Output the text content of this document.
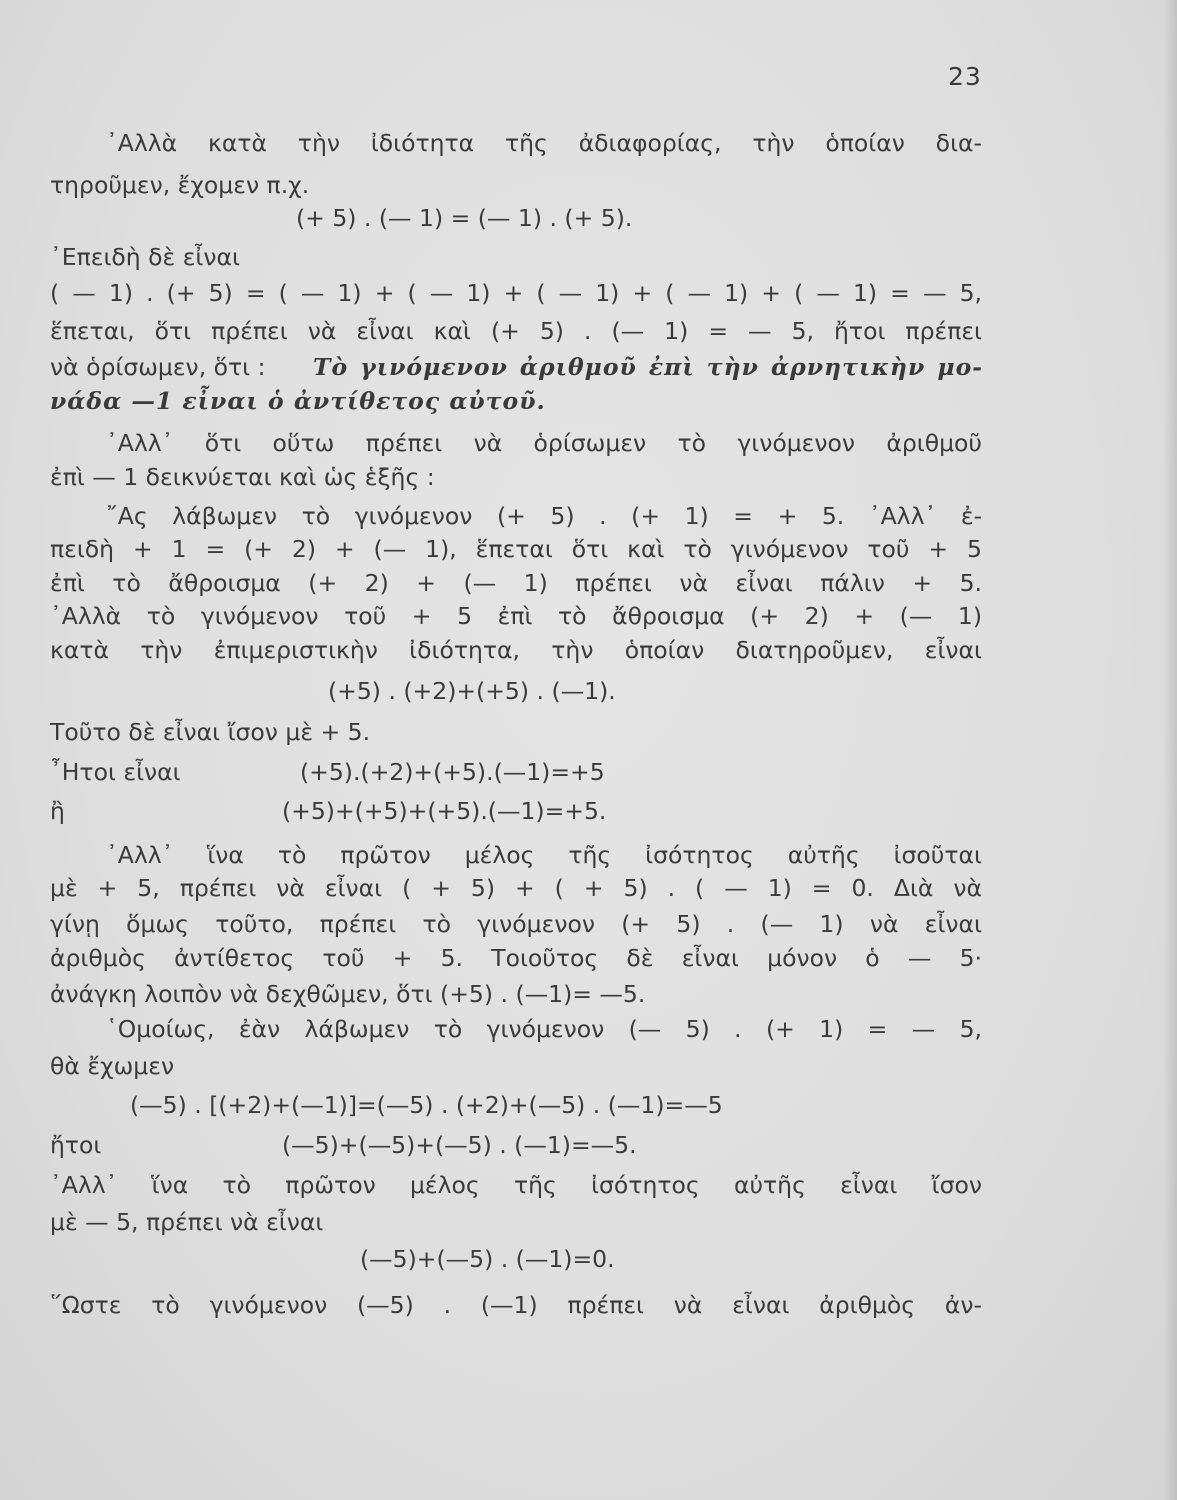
23
᾿Αλλὰ κατὰ τὴν ἰδιότητα τῆς ἀδιαφορίας, τὴν ὁποίαν δια-
τηροῦμεν, ἔχομεν π.χ.
(+ 5) . (— 1) = (— 1) . (+ 5).
᾿Επειδὴ δὲ εἶναι
( — 1) . (+ 5) = ( — 1) + ( — 1) + ( — 1) + ( — 1) + ( — 1) = — 5,
ἕπεται, ὅτι πρέπει νὰ εἶναι καὶ (+ 5) . (— 1) = — 5, ἤτοι πρέπει
νὰ ὁρίσωμεν, ὅτι : Τὸ γινόμενον ἀριθμοῦ ἐπὶ τὴν ἀρνητικὴν μο-
νάδα —1 εἶναι ὁ ἀντίθετος αὐτοῦ.
᾿Αλλ᾿ ὅτι οὕτω πρέπει νὰ ὁρίσωμεν τὸ γινόμενον ἀριθμοῦ
ἐπὶ — 1 δεικνύεται καὶ ὡς ἑξῆς :
῎Ας λάβωμεν τὸ γινόμενον (+ 5) . (+ 1) = + 5. ᾿Αλλ᾿ ἐ-
πειδὴ + 1 = (+ 2) + (— 1), ἕπεται ὅτι καὶ τὸ γινόμενον τοῦ + 5
ἐπὶ τὸ ἄθροισμα (+ 2) + (— 1) πρέπει νὰ εἶναι πάλιν + 5.
᾿Αλλὰ τὸ γινόμενον τοῦ + 5 ἐπὶ τὸ ἄθροισμα (+ 2) + (— 1)
κατὰ τὴν ἐπιμεριστικὴν ἰδιότητα, τὴν ὁποίαν διατηροῦμεν, εἶναι
(+5) . (+2)+(+5) . (—1).
Τοῦτο δὲ εἶναι ἴσον μὲ + 5.
῏Ητοι εἶναι	(+5).(+2)+(+5).(—1)=+5
ἢ	(+5)+(+5)+(+5).(—1)=+5.
᾿Αλλ᾿ ἵνα τὸ πρῶτον μέλος τῆς ἰσότητος αὐτῆς ἰσοῦται
μὲ + 5, πρέπει νὰ εἶναι ( + 5) + ( + 5) . ( — 1) = 0. Διὰ νὰ
γίνῃ ὅμως τοῦτο, πρέπει τὸ γινόμενον (+ 5) . (— 1) νὰ εἶναι
ἀριθμὸς ἀντίθετος τοῦ + 5. Τοιοῦτος δὲ εἶναι μόνον ὁ — 5·
ἀνάγκη λοιπὸν νὰ δεχθῶμεν, ὅτι (+5) . (—1)= —5.
῾Ομοίως, ἐὰν λάβωμεν τὸ γινόμενον (— 5) . (+ 1) = — 5,
θὰ ἔχωμεν
(—5) . [(+2)+(—1)]=(—5) . (+2)+(—5) . (—1)=—5
ἤτοι	(—5)+(—5)+(—5) . (—1)=—5.
᾿Αλλ᾿ ἵνα τὸ πρῶτον μέλος τῆς ἰσότητος αὐτῆς εἶναι ἴσον
μὲ — 5, πρέπει νὰ εἶναι
(—5)+(—5) . (—1)=0.
῞Ωστε τὸ γινόμενον (—5) . (—1) πρέπει νὰ εἶναι ἀριθμὸς ἀν-
